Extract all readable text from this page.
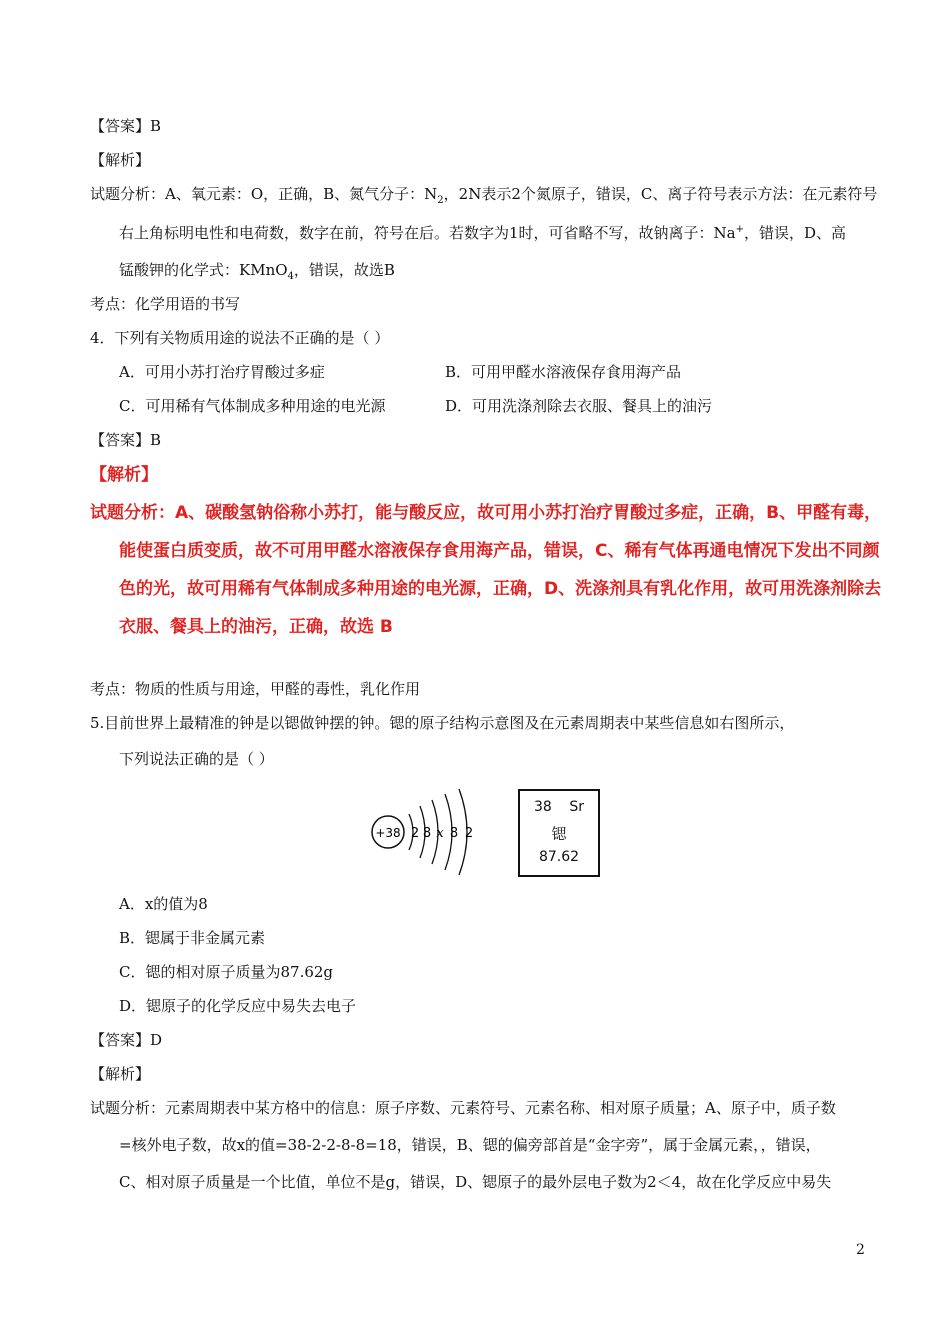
【答案】B
【解析】
试题分析：A、氧元素：O，正确，B、氮气分子：$N_2$，2N表示2个氮原子，错误，C、离子符号表示方法：在元素符号
右上角标明电性和电荷数，数字在前，符号在后。若数字为1时，可省略不写，故钠离子：Na+，错误，D、高
锰酸钾的化学式：KMnO$_4$，错误，故选B
考点：化学用语的书写
4．下列有关物质用途的说法不正确的是（ ）
A．可用小苏打治疗胃酸过多症	B．可用甲醛水溶液保存食用海产品
C．可用稀有气体制成多种用途的电光源	D．可用洗涤剂除去衣服、餐具上的油污
【答案】B
【解析】
试题分析：A、碳酸氢钠俗称小苏打，能与酸反应，故可用小苏打治疗胃酸过多症，正确，B、甲醛有毒，
能使蛋白质变质，故不可用甲醛水溶液保存食用海产品，错误，C、稀有气体再通电情况下发出不同颜
色的光，故可用稀有气体制成多种用途的电光源，正确，D、洗涤剂具有乳化作用，故可用洗涤剂除去
衣服、餐具上的油污，正确，故选 B
考点：物质的性质与用途，甲醛的毒性，乳化作用
5.目前世界上最精准的钟是以锶做钟摆的钟。锶的原子结构示意图及在元素周期表中某些信息如右图所示，
下列说法正确的是（ ）
+38 2 8 x 8 2
38 Sr
锶
87.62
A．x的值为8
B．锶属于非金属元素
C．锶的相对原子质量为87.62g
D．锶原子的化学反应中易失去电子
【答案】D
【解析】
试题分析：元素周期表中某方格中的信息：原子序数、元素符号、元素名称、相对原子质量；A、原子中，质子数
=核外电子数，故x的值=38-2-2-8-8=18，错误，B、锶的偏旁部首是“金字旁”，属于金属元素，，错误，
C、相对原子质量是一个比值，单位不是g，错误，D、锶原子的最外层电子数为2＜4，故在化学反应中易失
2
